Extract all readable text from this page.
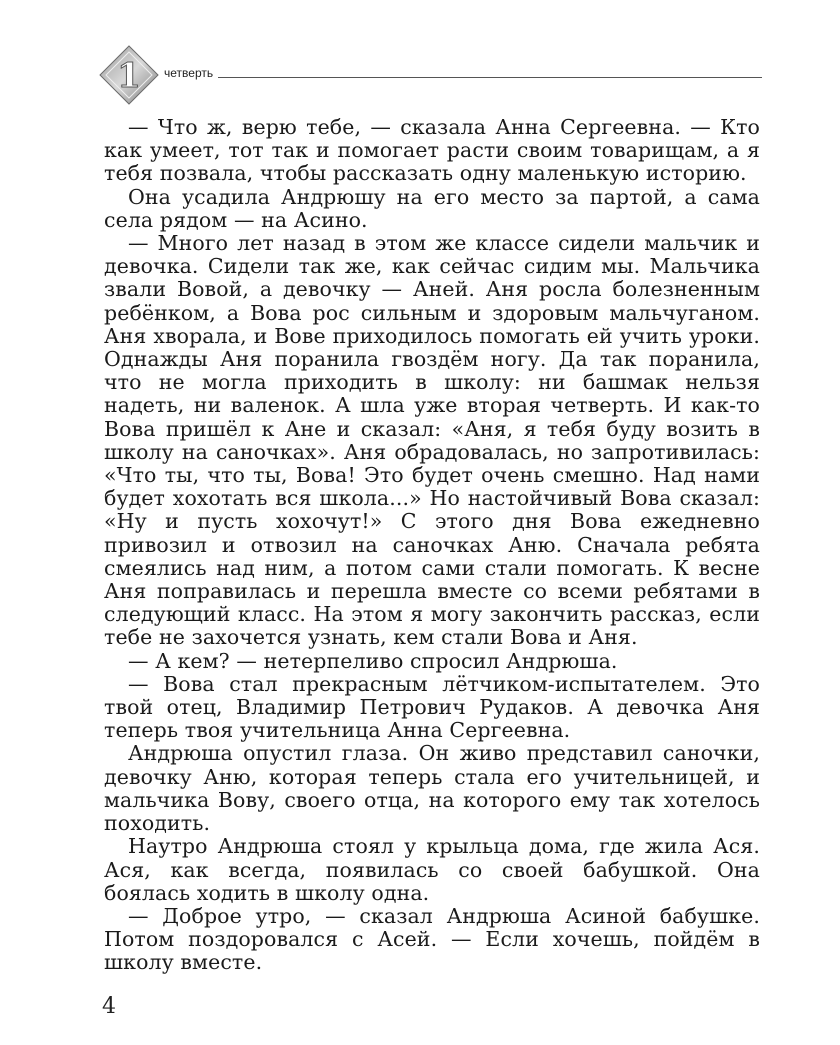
1 четверть

— Что ж, верю тебе, — сказала Анна Сергеевна. — Кто как умеет, тот так и помогает расти своим товарищам, а я тебя позвала, чтобы рассказать одну маленькую историю.

Она усадила Андрюшу на его место за партой, а сама села рядом — на Асино.

— Много лет назад в этом же классе сидели мальчик и девочка. Сидели так же, как сейчас сидим мы. Мальчика звали Вовой, а девочку — Аней. Аня росла болезненным ребёнком, а Вова рос сильным и здоровым мальчуганом. Аня хворала, и Вове приходилось помогать ей учить уроки. Однажды Аня поранила гвоздём ногу. Да так поранила, что не могла приходить в школу: ни башмак нельзя надеть, ни валенок. А шла уже вторая четверть. И как-то Вова пришёл к Ане и сказал: «Аня, я тебя буду возить в школу на саночках». Аня обрадовалась, но запротивилась: «Что ты, что ты, Вова! Это будет очень смешно. Над нами будет хохотать вся школа...» Но настойчивый Вова сказал: «Ну и пусть хохочут!» С этого дня Вова ежедневно привозил и отвозил на саночках Аню. Сначала ребята смеялись над ним, а потом сами стали помогать. К весне Аня поправилась и перешла вместе со всеми ребятами в следующий класс. На этом я могу закончить рассказ, если тебе не захочется узнать, кем стали Вова и Аня.

— А кем? — нетерпеливо спросил Андрюша.

— Вова стал прекрасным лётчиком-испытателем. Это твой отец, Владимир Петрович Рудаков. А девочка Аня теперь твоя учительница Анна Сергеевна.

Андрюша опустил глаза. Он живо представил саночки, девочку Аню, которая теперь стала его учительницей, и мальчика Вову, своего отца, на которого ему так хотелось походить.

Наутро Андрюша стоял у крыльца дома, где жила Ася. Ася, как всегда, появилась со своей бабушкой. Она боялась ходить в школу одна.

— Доброе утро, — сказал Андрюша Асиной бабушке. Потом поздоровался с Асей. — Если хочешь, пойдём в школу вместе.

4
